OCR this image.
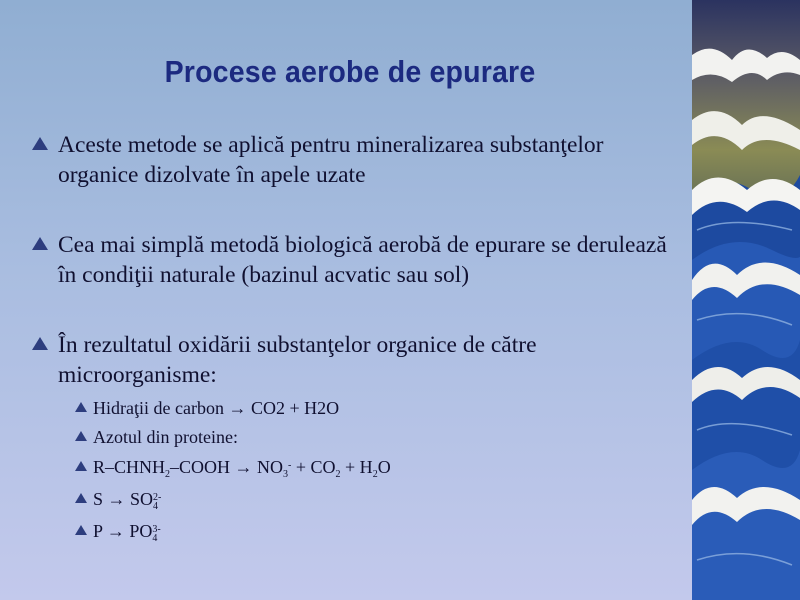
Procese aerobe de epurare
Aceste metode se aplică pentru mineralizarea substanţelor organice dizolvate în apele uzate
Cea mai simplă metodă biologică aerobă de epurare se derulează în condiţii naturale (bazinul acvatic sau sol)
În rezultatul oxidării substanţelor organice de către microorganisme:
Hidraţii de carbon → CO2 + H2O
Azotul din proteine:
$R-CHNH_2$–COOH → $NO_3^- + CO_2 + H_2O$
$S \to SO_4^{2-}$
$P \to PO_4^{3-}$
